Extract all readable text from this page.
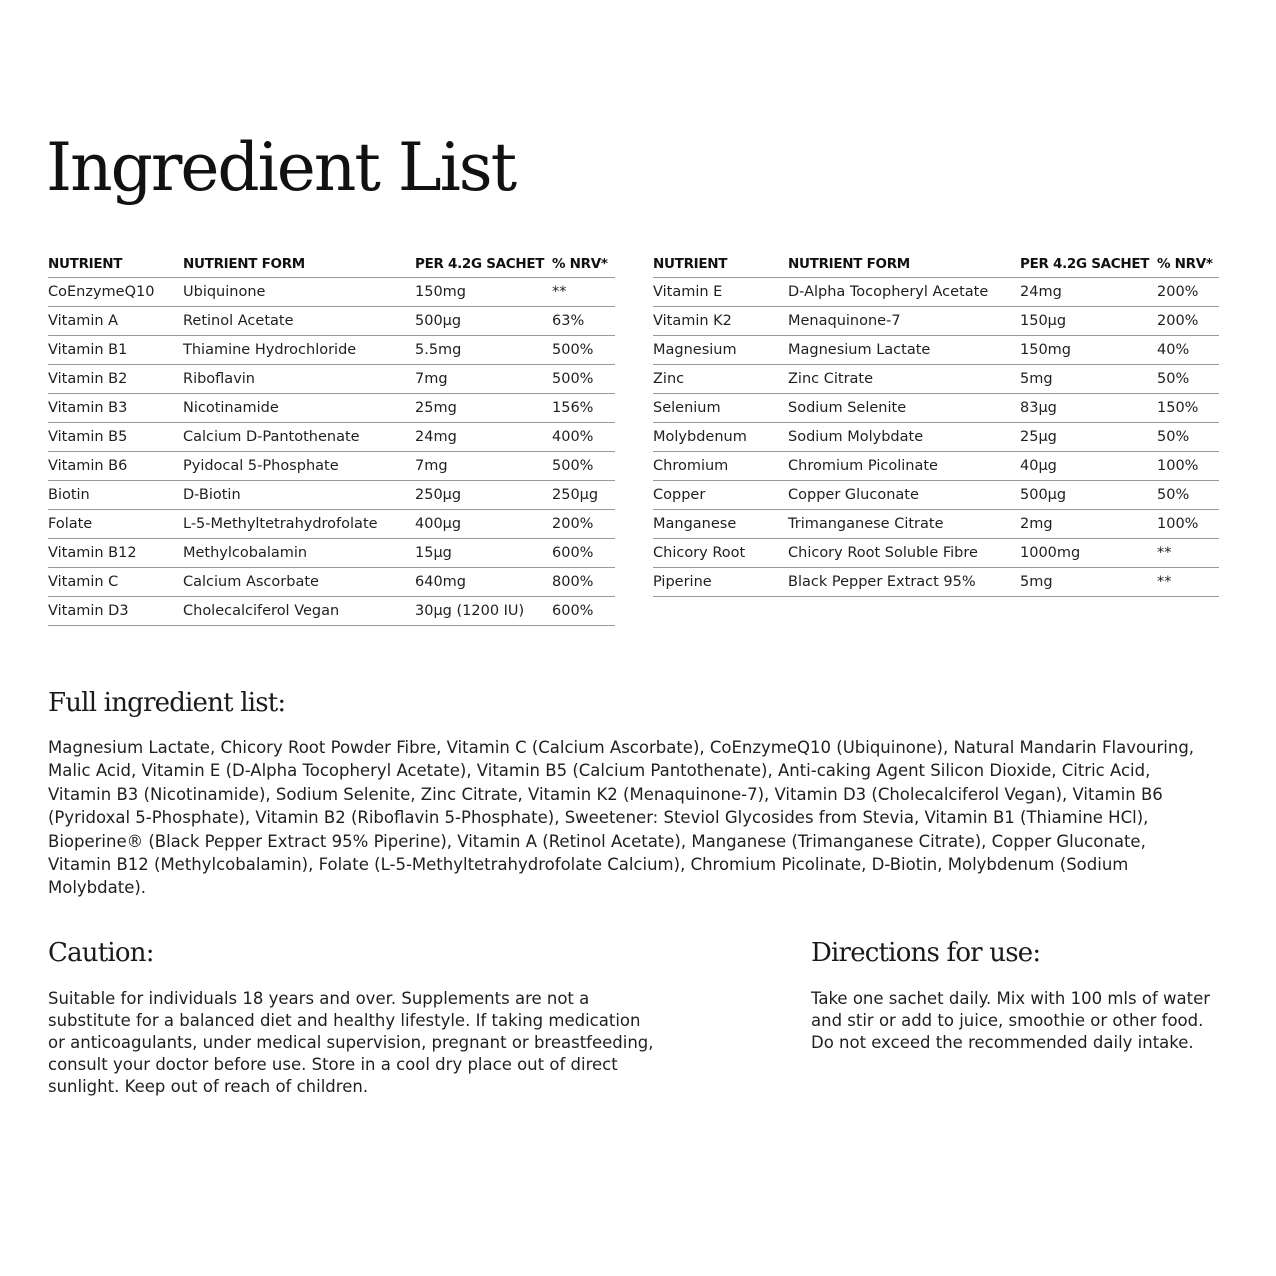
Ingredient List
NUTRIENT	NUTRIENT FORM	PER 4.2G SACHET	% NRV*
CoEnzymeQ10	Ubiquinone	150mg	**
Vitamin A	Retinol Acetate	500µg	63%
Vitamin B1	Thiamine Hydrochloride	5.5mg	500%
Vitamin B2	Riboflavin	7mg	500%
Vitamin B3	Nicotinamide	25mg	156%
Vitamin B5	Calcium D-Pantothenate	24mg	400%
Vitamin B6	Pyidocal 5-Phosphate	7mg	500%
Biotin	D-Biotin	250µg	250µg
Folate	L-5-Methyltetrahydrofolate	400µg	200%
Vitamin B12	Methylcobalamin	15µg	600%
Vitamin C	Calcium Ascorbate	640mg	800%
Vitamin D3	Cholecalciferol Vegan	30µg (1200 IU)	600%
NUTRIENT	NUTRIENT FORM	PER 4.2G SACHET	% NRV*
Vitamin E	D-Alpha Tocopheryl Acetate	24mg	200%
Vitamin K2	Menaquinone-7	150µg	200%
Magnesium	Magnesium Lactate	150mg	40%
Zinc	Zinc Citrate	5mg	50%
Selenium	Sodium Selenite	83µg	150%
Molybdenum	Sodium Molybdate	25µg	50%
Chromium	Chromium Picolinate	40µg	100%
Copper	Copper Gluconate	500µg	50%
Manganese	Trimanganese Citrate	2mg	100%
Chicory Root	Chicory Root Soluble Fibre	1000mg	**
Piperine	Black Pepper Extract 95%	5mg	**
Full ingredient list:

Magnesium Lactate, Chicory Root Powder Fibre, Vitamin C (Calcium Ascorbate), CoEnzymeQ10 (Ubiquinone), Natural Mandarin Flavouring, Malic Acid, Vitamin E (D-Alpha Tocopheryl Acetate), Vitamin B5 (Calcium Pantothenate), Anti-caking Agent Silicon Dioxide, Citric Acid, Vitamin B3 (Nicotinamide), Sodium Selenite, Zinc Citrate, Vitamin K2 (Menaquinone-7), Vitamin D3 (Cholecalciferol Vegan), Vitamin B6 (Pyridoxal 5-Phosphate), Vitamin B2 (Riboflavin 5-Phosphate), Sweetener: Steviol Glycosides from Stevia, Vitamin B1 (Thiamine HCl), Bioperine® (Black Pepper Extract 95% Piperine), Vitamin A (Retinol Acetate), Manganese (Trimanganese Citrate), Copper Gluconate, Vitamin B12 (Methylcobalamin), Folate (L-5-Methyltetrahydrofolate Calcium), Chromium Picolinate, D-Biotin, Molybdenum (Sodium Molybdate).

Caution:

Suitable for individuals 18 years and over. Supplements are not a substitute for a balanced diet and healthy lifestyle. If taking medication or anticoagulants, under medical supervision, pregnant or breastfeeding, consult your doctor before use. Store in a cool dry place out of direct sunlight. Keep out of reach of children.

Directions for use:

Take one sachet daily. Mix with 100 mls of water and stir or add to juice, smoothie or other food. Do not exceed the recommended daily intake.
